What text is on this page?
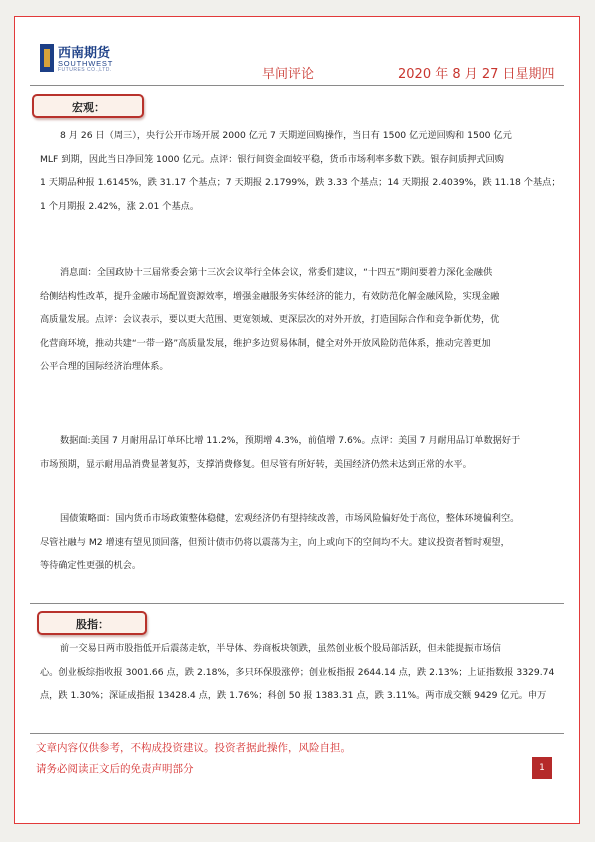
西南期货
SOUTHWEST
FUTURES CO.,LTD.	早间评论	2020 年 8 月 27 日星期四
宏观：

8 月 26 日（周三），央行公开市场开展 2000 亿元 7 天期逆回购操作，当日有 1500 亿元逆回购和 1500 亿元
MLF 到期，因此当日净回笼 1000 亿元。点评：银行间资金面较平稳，货币市场利率多数下跌。银存间质押式回购
1 天期品种报 1.6145%，跌 31.17 个基点；7 天期报 2.1799%，跌 3.33 个基点；14 天期报 2.4039%，跌 11.18 个基点；
1 个月期报 2.42%，涨 2.01 个基点。

消息面：全国政协十三届常委会第十三次会议举行全体会议，常委们建议，“十四五”期间要着力深化金融供
给侧结构性改革，提升金融市场配置资源效率，增强金融服务实体经济的能力，有效防范化解金融风险，实现金融
高质量发展。点评：会议表示，要以更大范围、更宽领域、更深层次的对外开放，打造国际合作和竞争新优势，优
化营商环境，推动共建“一带一路”高质量发展，维护多边贸易体制，健全对外开放风险防范体系，推动完善更加
公平合理的国际经济治理体系。

数据面:美国 7 月耐用品订单环比增 11.2%，预期增 4.3%，前值增 7.6%。点评：美国 7 月耐用品订单数据好于
市场预期，显示耐用品消费显著复苏，支撑消费修复。但尽管有所好转，美国经济仍然未达到正常的水平。

国债策略面：国内货币市场政策整体稳健，宏观经济仍有望持续改善，市场风险偏好处于高位，整体环境偏利空。
尽管社融与 M2 增速有望见顶回落，但预计债市仍将以震荡为主，向上或向下的空间均不大。建议投资者暂时观望，
等待确定性更强的机会。

股指：

前一交易日两市股指低开后震荡走软，半导体、券商板块领跌，虽然创业板个股局部活跃，但未能提振市场信
心。创业板综指收报 3001.66 点，跌 2.18%，多只环保股涨停；创业板指报 2644.14 点，跌 2.13%；上证指数报 3329.74
点，跌 1.30%；深证成指报 13428.4 点，跌 1.76%；科创 50 报 1383.31 点，跌 3.11%。两市成交额 9429 亿元。申万

文章内容仅供参考，不构成投资建议。投资者据此操作，风险自担。
请务必阅读正文后的免责声明部分	1
